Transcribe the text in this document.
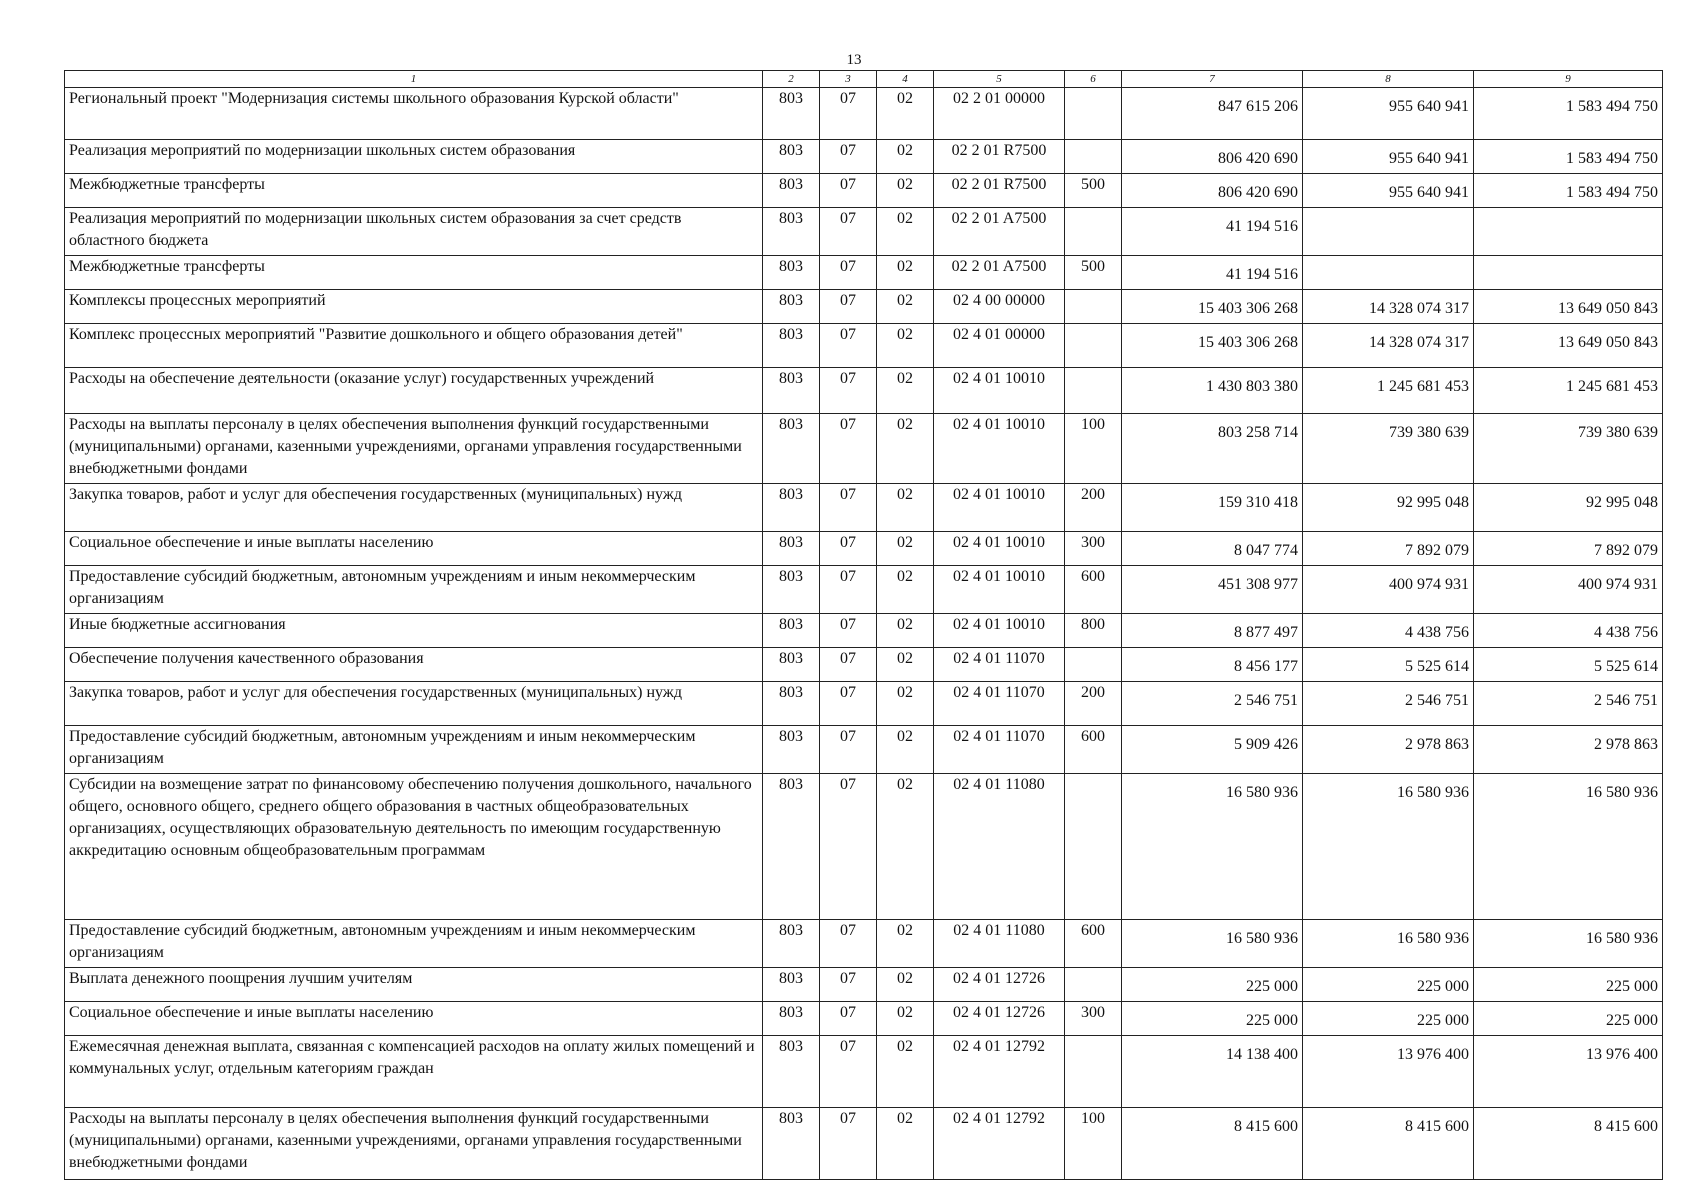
13
1	2	3	4	5	6	7	8	9
Региональный проект "Модернизация системы школьного образования Курской области"	803	07	02	02 2 01 00000		847 615 206	955 640 941	1 583 494 750
Реализация мероприятий по модернизации школьных систем образования	803	07	02	02 2 01 R7500		806 420 690	955 640 941	1 583 494 750
Межбюджетные трансферты	803	07	02	02 2 01 R7500	500	806 420 690	955 640 941	1 583 494 750
Реализация мероприятий по модернизации школьных систем образования за счет средств областного бюджета	803	07	02	02 2 01 A7500		41 194 516		
Межбюджетные трансферты	803	07	02	02 2 01 A7500	500	41 194 516		
Комплексы процессных мероприятий	803	07	02	02 4 00 00000		15 403 306 268	14 328 074 317	13 649 050 843
Комплекс процессных мероприятий "Развитие дошкольного и общего образования детей"	803	07	02	02 4 01 00000		15 403 306 268	14 328 074 317	13 649 050 843
Расходы на обеспечение деятельности (оказание услуг) государственных учреждений	803	07	02	02 4 01 10010		1 430 803 380	1 245 681 453	1 245 681 453
Расходы на выплаты персоналу в целях обеспечения выполнения функций государственными (муниципальными) органами, казенными учреждениями, органами управления государственными внебюджетными фондами	803	07	02	02 4 01 10010	100	803 258 714	739 380 639	739 380 639
Закупка товаров, работ и услуг для обеспечения государственных (муниципальных) нужд	803	07	02	02 4 01 10010	200	159 310 418	92 995 048	92 995 048
Социальное обеспечение и иные выплаты населению	803	07	02	02 4 01 10010	300	8 047 774	7 892 079	7 892 079
Предоставление субсидий бюджетным, автономным учреждениям и иным некоммерческим организациям	803	07	02	02 4 01 10010	600	451 308 977	400 974 931	400 974 931
Иные бюджетные ассигнования	803	07	02	02 4 01 10010	800	8 877 497	4 438 756	4 438 756
Обеспечение получения качественного образования	803	07	02	02 4 01 11070		8 456 177	5 525 614	5 525 614
Закупка товаров, работ и услуг для обеспечения государственных (муниципальных) нужд	803	07	02	02 4 01 11070	200	2 546 751	2 546 751	2 546 751
Предоставление субсидий бюджетным, автономным учреждениям и иным некоммерческим организациям	803	07	02	02 4 01 11070	600	5 909 426	2 978 863	2 978 863
Субсидии на возмещение затрат по финансовому обеспечению получения дошкольного, начального общего, основного общего, среднего общего образования в частных общеобразовательных организациях, осуществляющих образовательную деятельность по имеющим государственную аккредитацию основным общеобразовательным программам	803	07	02	02 4 01 11080		16 580 936	16 580 936	16 580 936
Предоставление субсидий бюджетным, автономным учреждениям и иным некоммерческим организациям	803	07	02	02 4 01 11080	600	16 580 936	16 580 936	16 580 936
Выплата денежного поощрения лучшим учителям	803	07	02	02 4 01 12726		225 000	225 000	225 000
Социальное обеспечение и иные выплаты населению	803	07	02	02 4 01 12726	300	225 000	225 000	225 000
Ежемесячная денежная выплата, связанная с компенсацией расходов на оплату жилых помещений и коммунальных услуг, отдельным категориям граждан	803	07	02	02 4 01 12792		14 138 400	13 976 400	13 976 400
Расходы на выплаты персоналу в целях обеспечения выполнения функций государственными (муниципальными) органами, казенными учреждениями, органами управления государственными внебюджетными фондами	803	07	02	02 4 01 12792	100	8 415 600	8 415 600	8 415 600
